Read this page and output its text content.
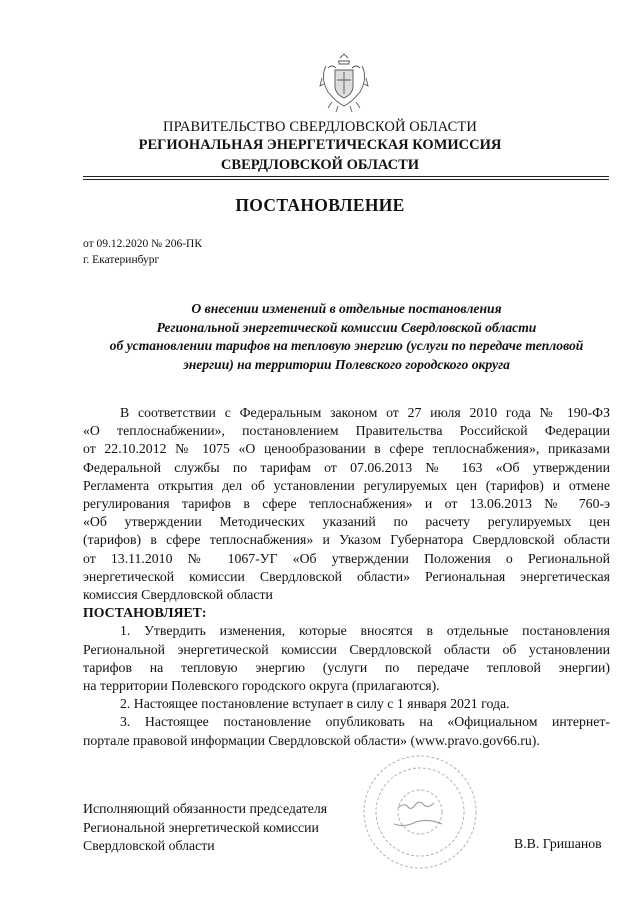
ПРАВИТЕЛЬСТВО СВЕРДЛОВСКОЙ ОБЛАСТИ
РЕГИОНАЛЬНАЯ ЭНЕРГЕТИЧЕСКАЯ КОМИССИЯ
СВЕРДЛОВСКОЙ ОБЛАСТИ
ПОСТАНОВЛЕНИЕ
от 09.12.2020 № 206-ПК
г. Екатеринбург
О внесении изменений в отдельные постановления
Региональной энергетической комиссии Свердловской области
об установлении тарифов на тепловую энергию (услуги по передаче тепловой
энергии) на территории Полевского городского округа
В соответствии с Федеральным законом от 27 июля 2010 года № 190-ФЗ
«О теплоснабжении», постановлением Правительства Российской Федерации
от 22.10.2012 № 1075 «О ценообразовании в сфере теплоснабжения», приказами
Федеральной службы по тарифам от 07.06.2013 № 163 «Об утверждении
Регламента открытия дел об установлении регулируемых цен (тарифов) и отмене
регулирования тарифов в сфере теплоснабжения» и от 13.06.2013 № 760-э
«Об утверждении Методических указаний по расчету регулируемых цен
(тарифов) в сфере теплоснабжения» и Указом Губернатора Свердловской области
от 13.11.2010 № 1067-УГ «Об утверждении Положения о Региональной
энергетической комиссии Свердловской области» Региональная энергетическая
комиссия Свердловской области
ПОСТАНОВЛЯЕТ:
1. Утвердить изменения, которые вносятся в отдельные постановления
Региональной энергетической комиссии Свердловской области об установлении
тарифов на тепловую энергию (услуги по передаче тепловой энергии)
на территории Полевского городского округа (прилагаются).
2. Настоящее постановление вступает в силу с 1 января 2021 года.
3. Настоящее постановление опубликовать на «Официальном интернет-
портале правовой информации Свердловской области» (www.pravo.gov66.ru).
Исполняющий обязанности председателя
Региональной энергетической комиссии
Свердловской области	В.В. Гришанов
